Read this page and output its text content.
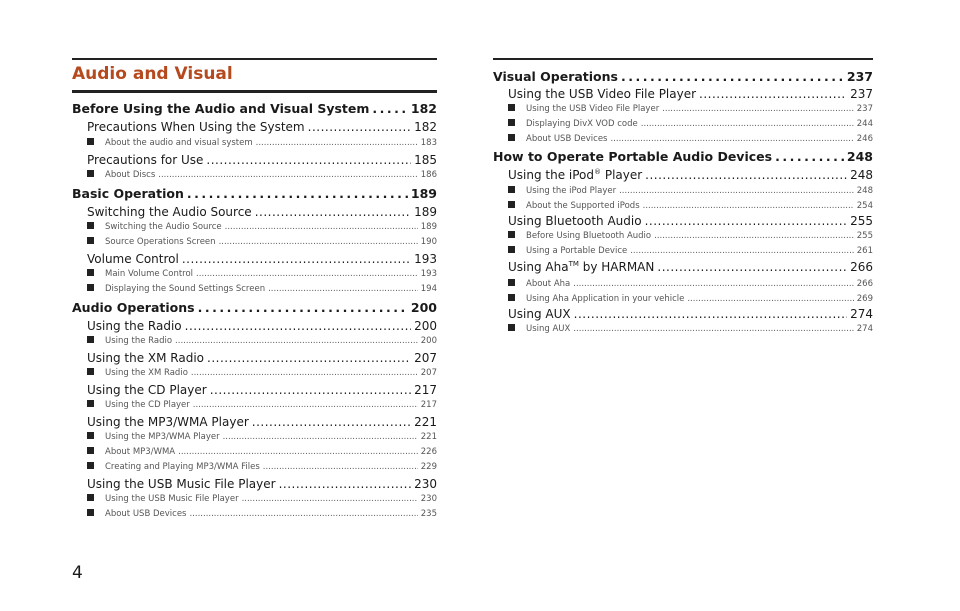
Audio and Visual
Before Using the Audio and Visual System .....	182
Precautions When Using the System .....	182
About the audio and visual system .....	183
Precautions for Use .....	185
About Discs .....	186
Basic Operation .....	189
Switching the Audio Source .....	189
Switching the Audio Source .....	189
Source Operations Screen .....	190
Volume Control .....	193
Main Volume Control .....	193
Displaying the Sound Settings Screen .....	194
Audio Operations .....	200
Using the Radio .....	200
Using the Radio .....	200
Using the XM Radio .....	207
Using the XM Radio .....	207
Using the CD Player .....	217
Using the CD Player .....	217
Using the MP3/WMA Player .....	221
Using the MP3/WMA Player .....	221
About MP3/WMA .....	226
Creating and Playing MP3/WMA Files .....	229
Using the USB Music File Player .....	230
Using the USB Music File Player .....	230
About USB Devices .....	235
Visual Operations .....	237
Using the USB Video File Player .....	237
Using the USB Video File Player .....	237
Displaying DivX VOD code .....	244
About USB Devices .....	246
How to Operate Portable Audio Devices .....	248
Using the iPod® Player .....	248
Using the iPod Player .....	248
About the Supported iPods .....	254
Using Bluetooth Audio .....	255
Before Using Bluetooth Audio .....	255
Using a Portable Device .....	261
Using Aha™ by HARMAN .....	266
About Aha .....	266
Using Aha Application in your vehicle .....	269
Using AUX .....	274
Using AUX .....	274
4
